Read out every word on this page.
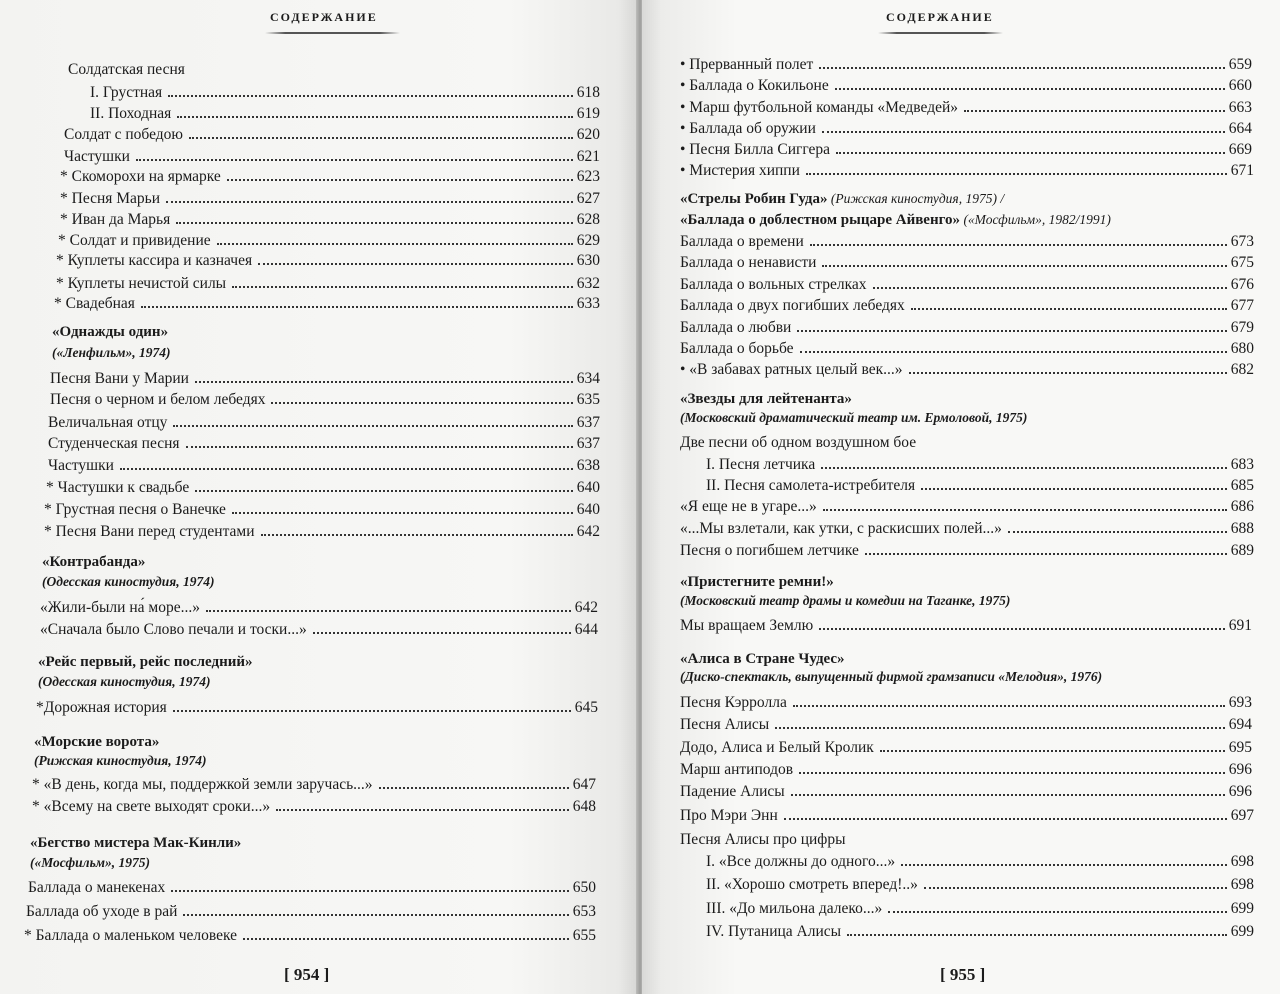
СОДЕРЖАНИЕ
Солдатская песня
I. Грустная	618
II. Походная	619
Солдат с победою	620
Частушки	621
* Скоморохи на ярмарке	623
* Песня Марьи	627
* Иван да Марья	628
* Солдат и привидение	629
* Куплеты кассира и казначея	630
* Куплеты нечистой силы	632
* Свадебная	633
«Однажды один»
(«Ленфильм», 1974)
Песня Вани у Марии	634
Песня о черном и белом лебедях	635
Величальная отцу	637
Студенческая песня	637
Частушки	638
* Частушки к свадьбе	640
* Грустная песня о Ванечке	640
* Песня Вани перед студентами	642
«Контрабанда»
(Одесская киностудия, 1974)
«Жили-были на́ море...»	642
«Сначала было Слово печали и тоски...»	644
«Рейс первый, рейс последний»
(Одесская киностудия, 1974)
*Дорожная история	645
«Морские ворота»
(Рижская киностудия, 1974)
* «В день, когда мы, поддержкой земли заручась...»	647
* «Всему на свете выходят сроки...»	648
«Бегство мистера Мак-Кинли»
(«Мосфильм», 1975)
Баллада о манекенах	650
Баллада об уходе в рай	653
* Баллада о маленьком человеке	655
[ 954 ]
СОДЕРЖАНИЕ
• Прерванный полет	659
• Баллада о Кокильоне	660
• Марш футбольной команды «Медведей»	663
• Баллада об оружии	664
• Песня Билла Сиггера	669
• Мистерия хиппи	671
«Стрелы Робин Гуда» (Рижская киностудия, 1975) /
«Баллада о доблестном рыцаре Айвенго» («Мосфильм», 1982/1991)
Баллада о времени	673
Баллада о ненависти	675
Баллада о вольных стрелках	676
Баллада о двух погибших лебедях	677
Баллада о любви	679
Баллада о борьбе	680
• «В забавах ратных целый век...»	682
«Звезды для лейтенанта»
(Московский драматический театр им. Ермоловой, 1975)
Две песни об одном воздушном бое
I. Песня летчика	683
II. Песня самолета-истребителя	685
«Я еще не в угаре...»	686
«...Мы взлетали, как утки, с раскисших полей...»	688
Песня о погибшем летчике	689
«Пристегните ремни!»
(Московский театр драмы и комедии на Таганке, 1975)
Мы вращаем Землю	691
«Алиса в Стране Чудес»
(Диско-спектакль, выпущенный фирмой грамзаписи «Мелодия», 1976)
Песня Кэрролла	693
Песня Алисы	694
Додо, Алиса и Белый Кролик	695
Марш антиподов	696
Падение Алисы	696
Про Мэри Энн	697
Песня Алисы про цифры
I. «Все должны до одного...»	698
II. «Хорошо смотреть вперед!..»	698
III. «До мильона далеко...»	699
IV. Путаница Алисы	699
[ 955 ]
